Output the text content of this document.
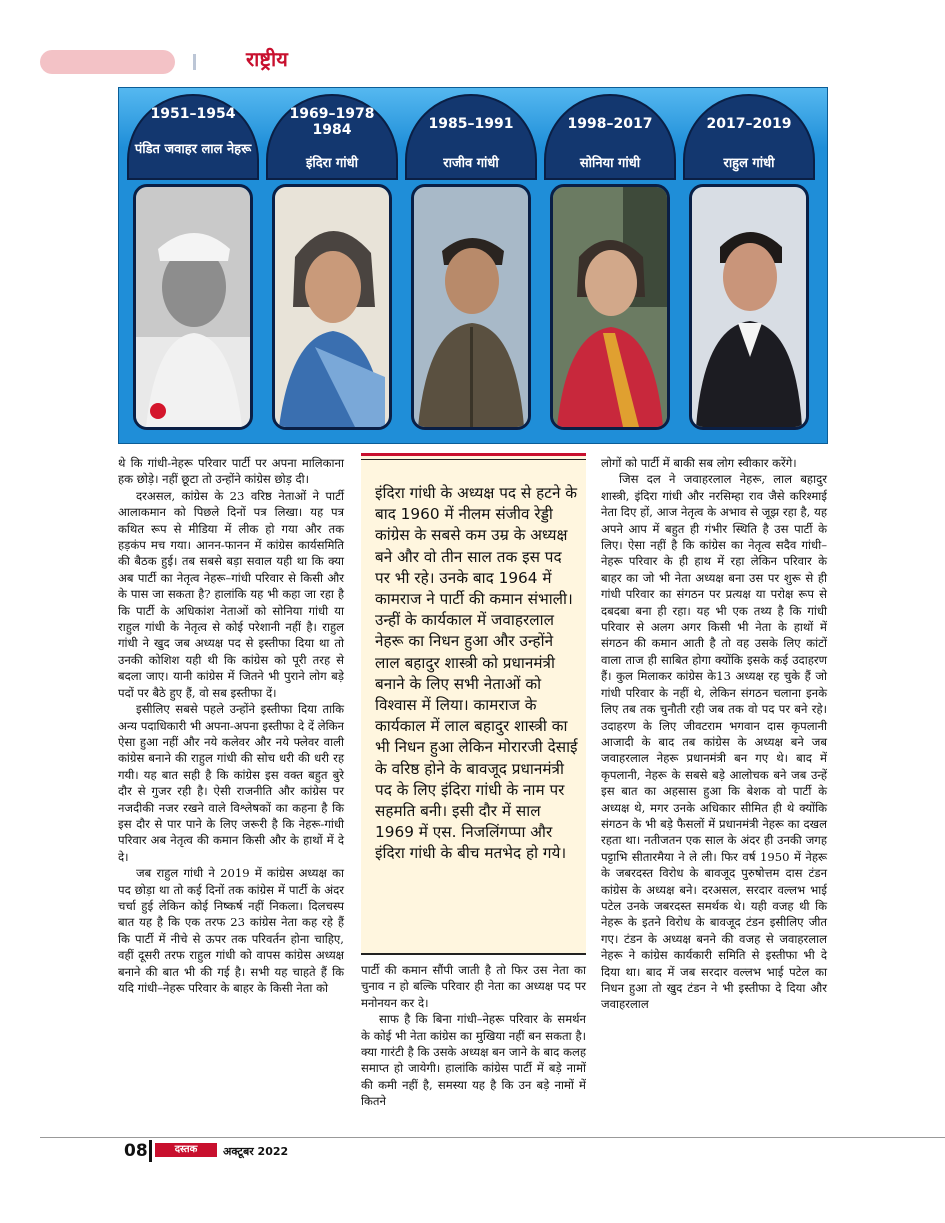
राष्ट्रीय
1951–1954
पंडित जवाहर लाल नेहरू
1969–1978 1984
इंदिरा गांधी
1985–1991
राजीव गांधी
1998–2017
सोनिया गांधी
2017–2019
राहुल गांधी

थे कि गांधी-नेहरू परिवार पार्टी पर अपना मालिकाना हक छोड़े। नहीं छूटा तो उन्होंने कांग्रेस छोड़ दी।

दरअसल, कांग्रेस के 23 वरिष्ठ नेताओं ने पार्टी आलाकमान को पिछले दिनों पत्र लिखा। यह पत्र कथित रूप से मीडिया में लीक हो गया और तक हड़कंप मच गया। आनन-फानन में कांग्रेस कार्यसमिति की बैठक हुई। तब सबसे बड़ा सवाल यही था कि क्या अब पार्टी का नेतृत्व नेहरू–गांधी परिवार से किसी और के पास जा सकता है? हालांकि यह भी कहा जा रहा है कि पार्टी के अधिकांश नेताओं को सोनिया गांधी या राहुल गांधी के नेतृत्व से कोई परेशानी नहीं है। राहुल गांधी ने खुद जब अध्यक्ष पद से इस्तीफा दिया था तो उनकी कोशिश यही थी कि कांग्रेस को पूरी तरह से बदला जाए। यानी कांग्रेस में जितने भी पुराने लोग बड़े पदों पर बैठे हुए हैं, वो सब इस्तीफा दें।

इसीलिए सबसे पहले उन्होंने इस्तीफा दिया ताकि अन्य पदाधिकारी भी अपना-अपना इस्तीफा दे दें लेकिन ऐसा हुआ नहीं और नये कलेवर और नये फ्लेवर वाली कांग्रेस बनाने की राहुल गांधी की सोच धरी की धरी रह गयी। यह बात सही है कि कांग्रेस इस वक्त बहुत बुरे दौर से गुजर रही है। ऐसी राजनीति और कांग्रेस पर नजदीकी नजर रखने वाले विश्लेषकों का कहना है कि इस दौर से पार पाने के लिए जरूरी है कि नेहरू-गांधी परिवार अब नेतृत्व की कमान किसी और के हाथों में दे दे।

जब राहुल गांधी ने 2019 में कांग्रेस अध्यक्ष का पद छोड़ा था तो कई दिनों तक कांग्रेस में पार्टी के अंदर चर्चा हुई लेकिन कोई निष्कर्ष नहीं निकला। दिलचस्प बात यह है कि एक तरफ 23 कांग्रेस नेता कह रहे हैं कि पार्टी में नीचे से ऊपर तक परिवर्तन होना चाहिए, वहीं दूसरी तरफ राहुल गांधी को वापस कांग्रेस अध्यक्ष बनाने की बात भी की गई है। सभी यह चाहते हैं कि यदि गांधी–नेहरू परिवार के बाहर के किसी नेता को

इंदिरा गांधी के अध्यक्ष पद से हटने के बाद 1960 में नीलम संजीव रेड्डी कांग्रेस के सबसे कम उम्र के अध्यक्ष बने और वो तीन साल तक इस पद पर भी रहे। उनके बाद 1964 में कामराज ने पार्टी की कमान संभाली। उन्हीं के कार्यकाल में जवाहरलाल नेहरू का निधन हुआ और उन्होंने लाल बहादुर शास्त्री को प्रधानमंत्री बनाने के लिए सभी नेताओं को विश्वास में लिया। कामराज के कार्यकाल में लाल बहादुर शास्त्री का भी निधन हुआ लेकिन मोरारजी देसाई के वरिष्ठ होने के बावजूद प्रधानमंत्री पद के लिए इंदिरा गांधी के नाम पर सहमति बनी। इसी दौर में साल 1969 में एस. निजलिंगप्पा और इंदिरा गांधी के बीच मतभेद हो गये।

पार्टी की कमान सौंपी जाती है तो फिर उस नेता का चुनाव न हो बल्कि परिवार ही नेता का अध्यक्ष पद पर मनोनयन कर दे।

साफ है कि बिना गांधी–नेहरू परिवार के समर्थन के कोई भी नेता कांग्रेस का मुखिया नहीं बन सकता है। क्या गारंटी है कि उसके अध्यक्ष बन जाने के बाद कलह समाप्त हो जायेगी। हालांकि कांग्रेस पार्टी में बड़े नामों की कमी नहीं है, समस्या यह है कि उन बड़े नामों में कितने

लोगों को पार्टी में बाकी सब लोग स्वीकार करेंगे।

जिस दल ने जवाहरलाल नेहरू, लाल बहादुर शास्त्री, इंदिरा गांधी और नरसिम्हा राव जैसे करिश्माई नेता दिए हों, आज नेतृत्व के अभाव से जूझ रहा है, यह अपने आप में बहुत ही गंभीर स्थिति है उस पार्टी के लिए। ऐसा नहीं है कि कांग्रेस का नेतृत्व सदैव गांधी–नेहरू परिवार के ही हाथ में रहा लेकिन परिवार के बाहर का जो भी नेता अध्यक्ष बना उस पर शुरू से ही गांधी परिवार का संगठन पर प्रत्यक्ष या परोक्ष रूप से दबदबा बना ही रहा। यह भी एक तथ्य है कि गांधी परिवार से अलग अगर किसी भी नेता के हाथों में संगठन की कमान आती है तो वह उसके लिए कांटों वाला ताज ही साबित होगा क्योंकि इसके कई उदाहरण हैं। कुल मिलाकर कांग्रेस के13 अध्यक्ष रह चुके हैं जो गांधी परिवार के नहीं थे, लेकिन संगठन चलाना इनके लिए तब तक चुनौती रही जब तक वो पद पर बने रहे। उदाहरण के लिए जीवटराम भगवान दास कृपलानी आजादी के बाद तब कांग्रेस के अध्यक्ष बने जब जवाहरलाल नेहरू प्रधानमंत्री बन गए थे। बाद में कृपलानी, नेहरू के सबसे बड़े आलोचक बने जब उन्हें इस बात का अहसास हुआ कि बेशक वो पार्टी के अध्यक्ष थे, मगर उनके अधिकार सीमित ही थे क्योंकि संगठन के भी बड़े फैसलों में प्रधानमंत्री नेहरू का दखल रहता था। नतीजतन एक साल के अंदर ही उनकी जगह पट्टाभि सीतारमैया ने ले ली। फिर वर्ष 1950 में नेहरू के जबरदस्त विरोध के बावजूद पुरुषोत्तम दास टंडन कांग्रेस के अध्यक्ष बने। दरअसल, सरदार वल्लभ भाई पटेल उनके जबरदस्त समर्थक थे। यही वजह थी कि नेहरू के इतने विरोध के बावजूद टंडन इसीलिए जीत गए। टंडन के अध्यक्ष बनने की वजह से जवाहरलाल नेहरू ने कांग्रेस कार्यकारी समिति से इस्तीफा भी दे दिया था। बाद में जब सरदार वल्लभ भाई पटेल का निधन हुआ तो खुद टंडन ने भी इस्तीफा दे दिया और जवाहरलाल

08	दस्तक	अक्टूबर 2022
